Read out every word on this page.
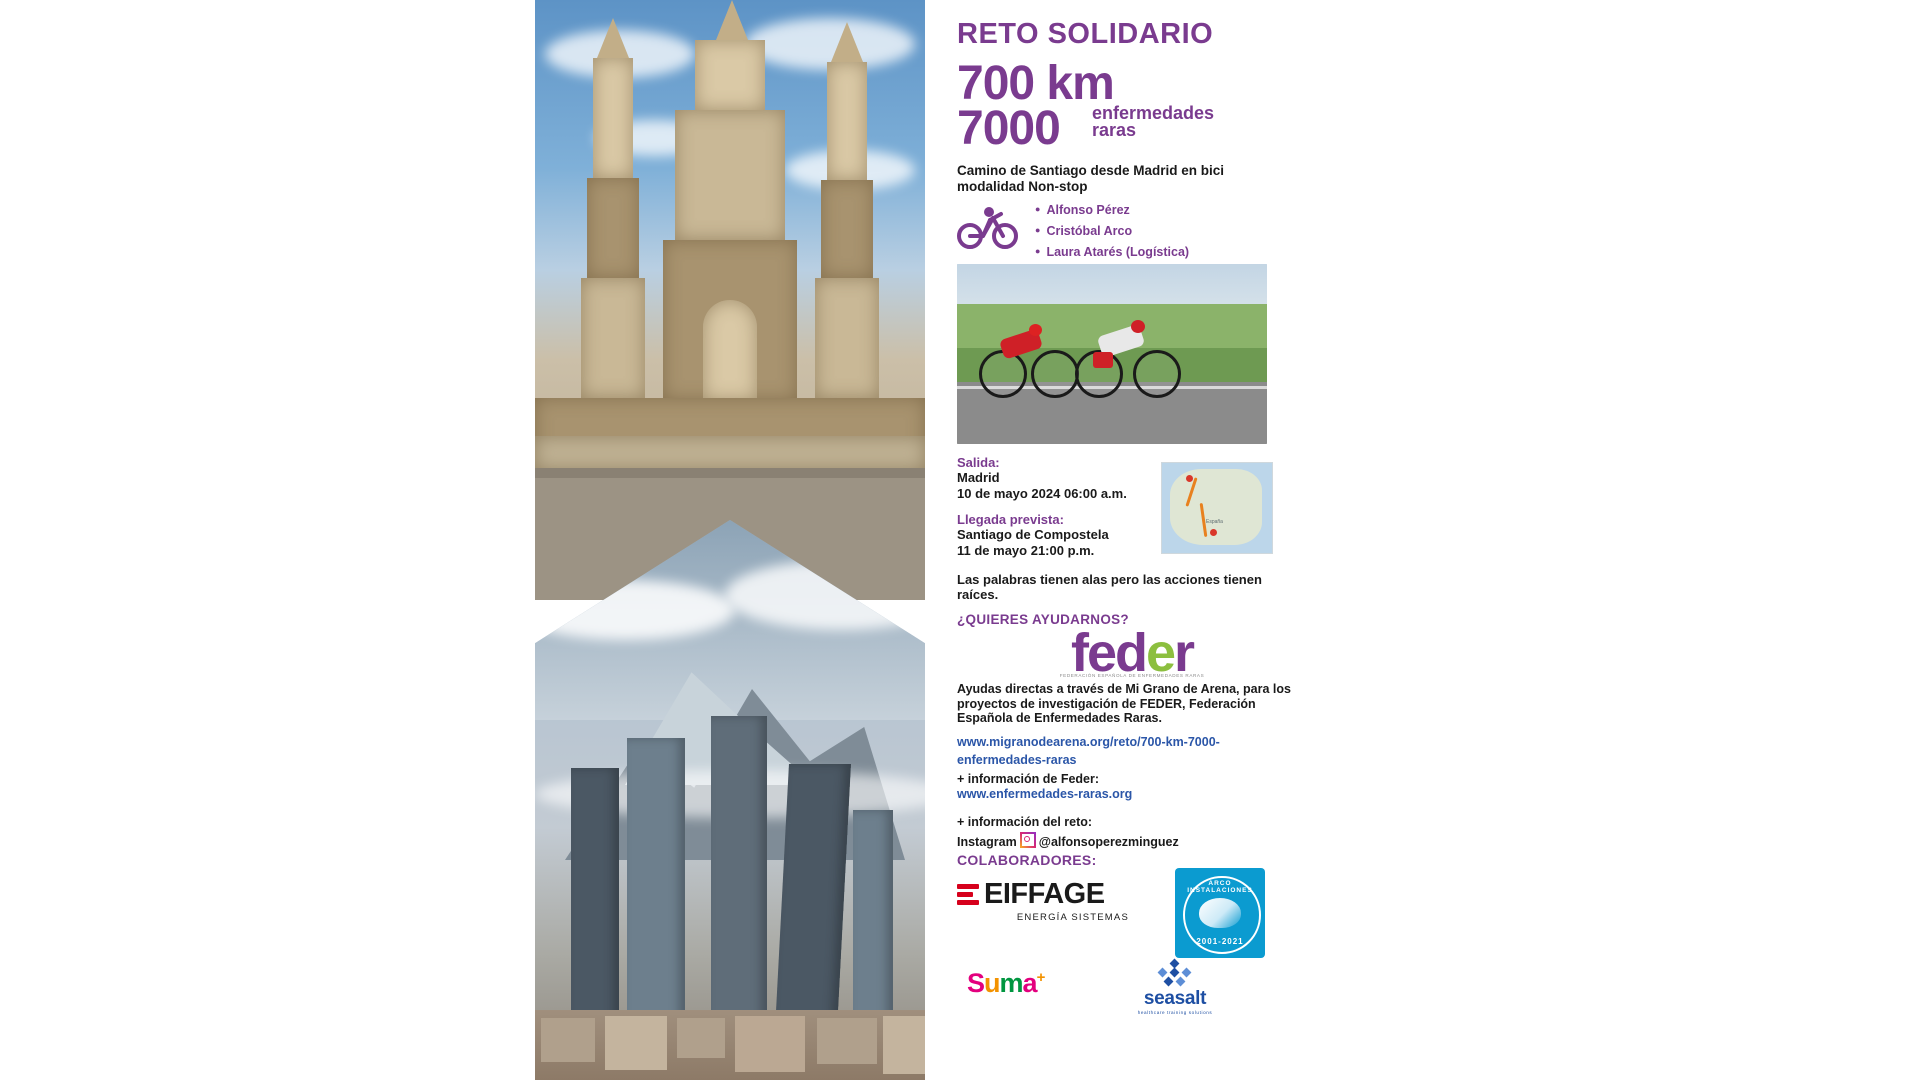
RETO SOLIDARIO
700 km
7000 enfermedades
raras
Camino de Santiago desde Madrid en bici modalidad Non-stop
● Alfonso Pérez
● Cristóbal Arco
● Laura Atarés (Logística)
Salida:
Madrid
10 de mayo 2024 06:00 a.m.
Llegada prevista:
Santiago de Compostela
11 de mayo 21:00 p.m.
España
Las palabras tienen alas pero las acciones tienen raíces.
¿QUIERES AYUDARNOS?
feder
FEDERACIÓN ESPAÑOLA DE ENFERMEDADES RARAS
Ayudas directas a través de Mi Grano de Arena, para los proyectos de investigación de FEDER, Federación Española de Enfermedades Raras.
www.migranodearena.org/reto/700-km-7000-enfermedades-raras
+ información de Feder:
www.enfermedades-raras.org
+ información del reto:
Instagram @alfonsoperezminguez
COLABORADORES:
EIFFAGE
ENERGÍA SISTEMAS
ARCO INSTALACIONES
2001-2021
Suma+
seasalt
healthcare training solutions
